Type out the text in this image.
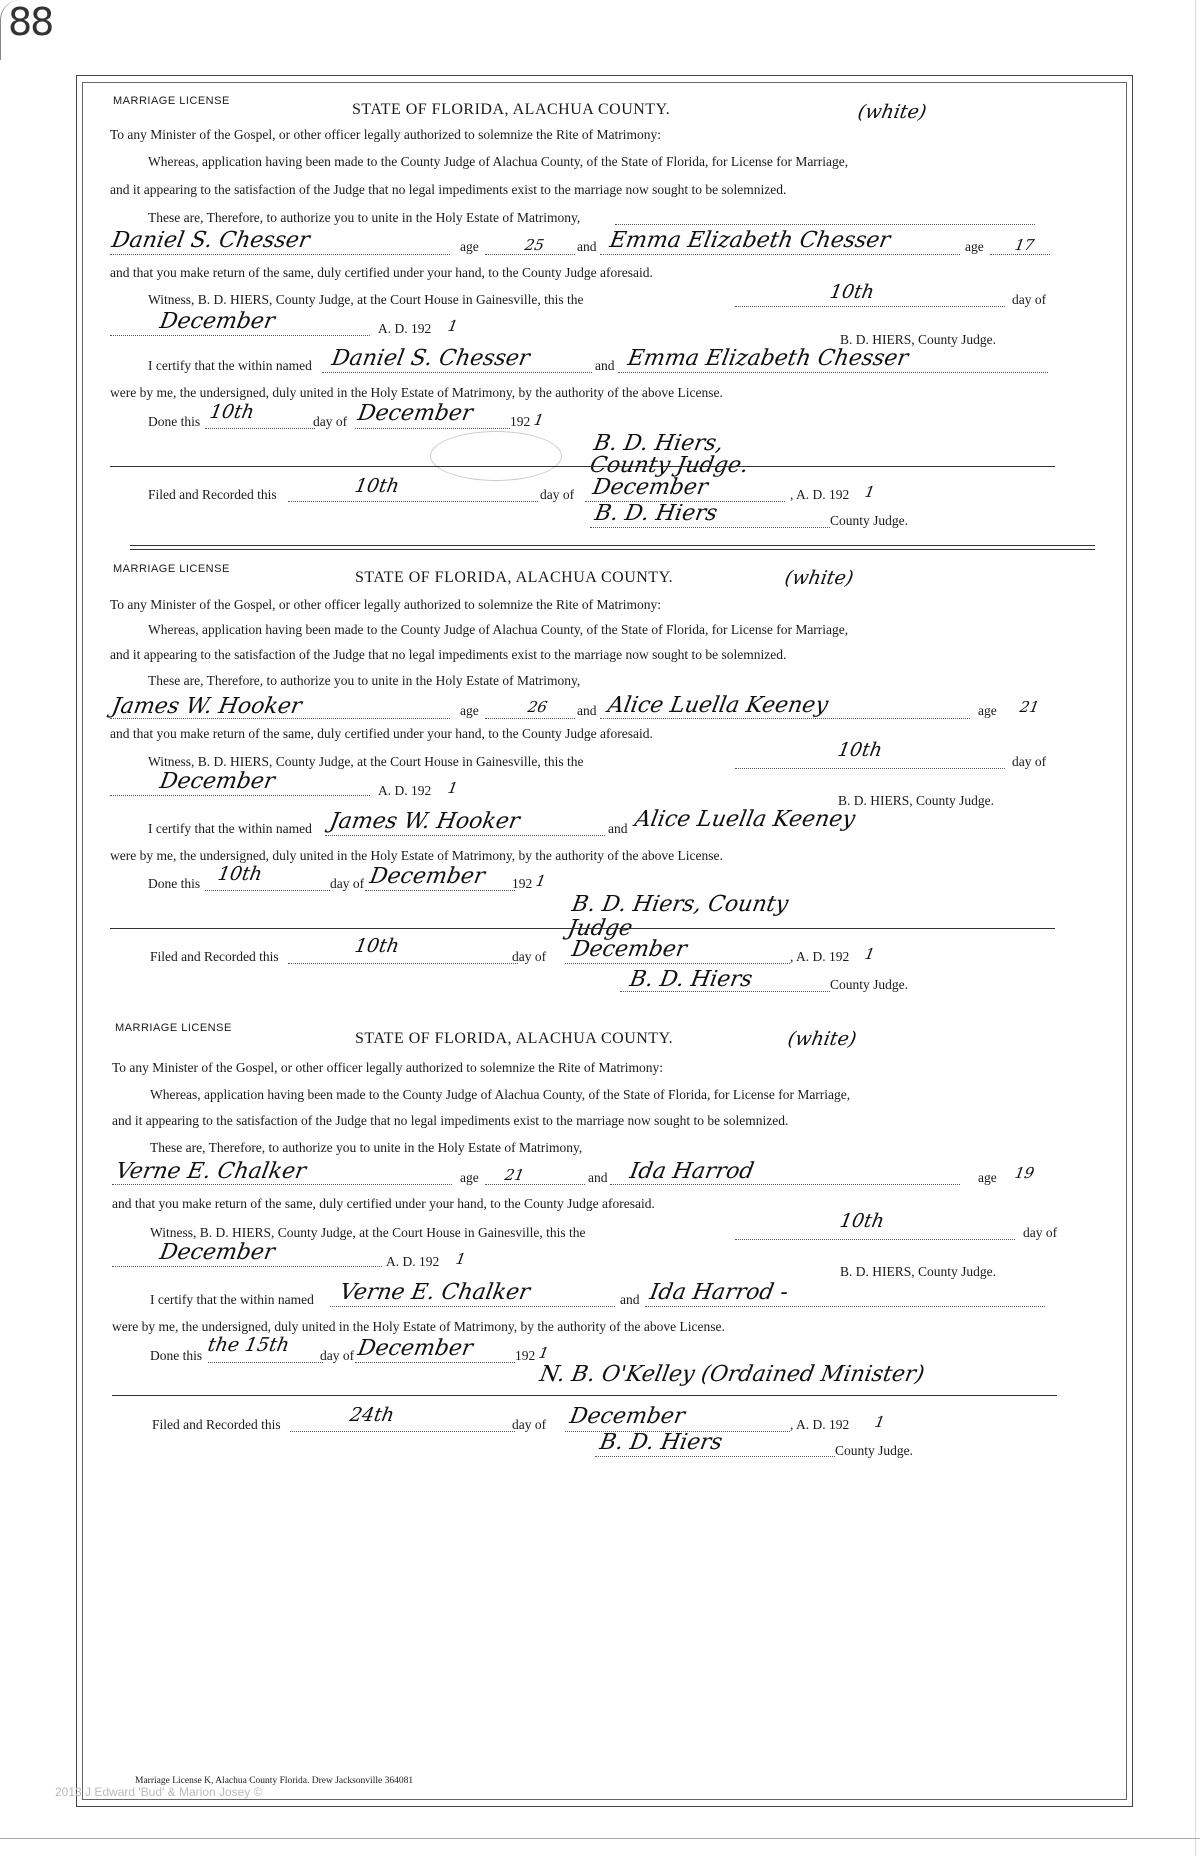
88
MARRIAGE LICENSE	STATE OF FLORIDA, ALACHUA COUNTY.	(white)
To any Minister of the Gospel, or other officer legally authorized to solemnize the Rite of Matrimony:
Whereas, application having been made to the County Judge of Alachua County, of the State of Florida, for License for Marriage,
and it appearing to the satisfaction of the Judge that no legal impediments exist to the marriage now sought to be solemnized.
These are, Therefore, to authorize you to unite in the Holy Estate of Matrimony,
Daniel S. Chesser	age	25 and Emma Elizabeth Chesser	age 17
and that you make return of the same, duly certified under your hand, to the County Judge aforesaid.
Witness, B. D. HIERS, County Judge, at the Court House in Gainesville, this the	10th	day of
December	A. D. 192 1
B. D. HIERS, County Judge.
I certify that the within named Daniel S. Chesser	and Emma Elizabeth Chesser
were by me, the undersigned, duly united in the Holy Estate of Matrimony, by the authority of the above License.
Done this 10th	day of December	192 1
B. D. Hiers, County Judge.
Filed and Recorded this	10th	day of December	, A. D. 192 1
B. D. Hiers	County Judge.
MARRIAGE LICENSE	STATE OF FLORIDA, ALACHUA COUNTY.	(white)
To any Minister of the Gospel, or other officer legally authorized to solemnize the Rite of Matrimony:
Whereas, application having been made to the County Judge of Alachua County, of the State of Florida, for License for Marriage,
and it appearing to the satisfaction of the Judge that no legal impediments exist to the marriage now sought to be solemnized.
These are, Therefore, to authorize you to unite in the Holy Estate of Matrimony,
James W. Hooker	age	26 and Alice Luella Keeney	age 21
and that you make return of the same, duly certified under your hand, to the County Judge aforesaid.
Witness, B. D. HIERS, County Judge, at the Court House in Gainesville, this the
10th
day of
December	A. D. 192 1
B. D. HIERS, County Judge.
I certify that the within named James W. Hooker	and Alice Luella Keeney
were by me, the undersigned, duly united in the Holy Estate of Matrimony, by the authority of the above License.
Done this 10th	day of December 192 1
B. D. Hiers, County Judge
Filed and Recorded this	10th	day of December	, A. D. 192 1
B. D. Hiers	County Judge.
MARRIAGE LICENSE
STATE OF FLORIDA, ALACHUA COUNTY.	(white)
To any Minister of the Gospel, or other officer legally authorized to solemnize the Rite of Matrimony:
Whereas, application having been made to the County Judge of Alachua County, of the State of Florida, for License for Marriage,
and it appearing to the satisfaction of the Judge that no legal impediments exist to the marriage now sought to be solemnized.
These are, Therefore, to authorize you to unite in the Holy Estate of Matrimony,
Verne E. Chalker	age 21	and Ida Harrod	age 19
and that you make return of the same, duly certified under your hand, to the County Judge aforesaid.
Witness, B. D. HIERS, County Judge, at the Court House in Gainesville, this the
10th
day of
December	A. D. 192 1
B. D. HIERS, County Judge.
I certify that the within named Verne E. Chalker	and Ida Harrod -
were by me, the undersigned, duly united in the Holy Estate of Matrimony, by the authority of the above License.
Done this the 15th day of December	192 1
N. B. O'Kelley (Ordained Minister)
Filed and Recorded this	24th	day of December	, A. D. 192 1
B. D. Hiers	County Judge.
Marriage License K, Alachua County Florida. Drew Jacksonville 364081
2013 J Edward 'Bud' & Marion Josey ©
